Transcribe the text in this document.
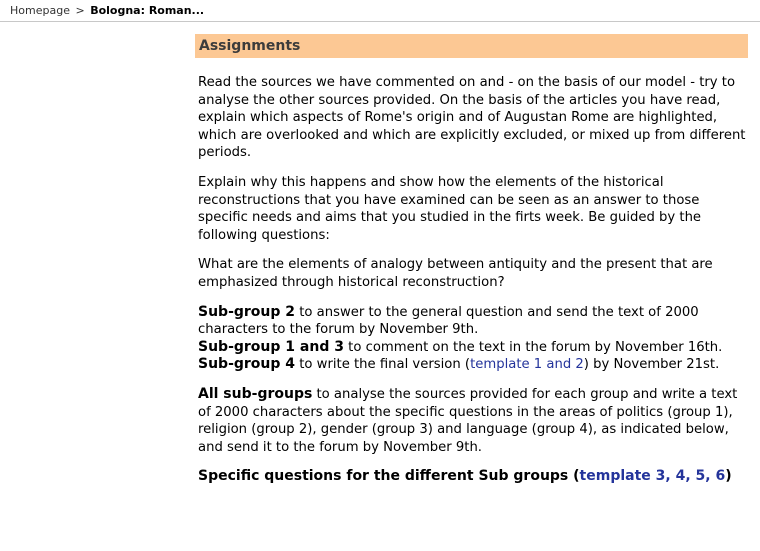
Homepage > Bologna: Roman...
Assignments

Read the sources we have commented on and - on the basis of our model - try to analyse the other sources provided. On the basis of the articles you have read, explain which aspects of Rome's origin and of Augustan Rome are highlighted, which are overlooked and which are explicitly excluded, or mixed up from different periods.

Explain why this happens and show how the elements of the historical reconstructions that you have examined can be seen as an answer to those specific needs and aims that you studied in the firts week. Be guided by the following questions:

What are the elements of analogy between antiquity and the present that are emphasized through historical reconstruction?

Sub-group 2 to answer to the general question and send the text of 2000 characters to the forum by November 9th.
Sub-group 1 and 3 to comment on the text in the forum by November 16th.
Sub-group 4 to write the final version (template 1 and 2) by November 21st.

All sub-groups to analyse the sources provided for each group and write a text of 2000 characters about the specific questions in the areas of politics (group 1), religion (group 2), gender (group 3) and language (group 4), as indicated below, and send it to the forum by November 9th.

Specific questions for the different Sub groups (template 3, 4, 5, 6)
